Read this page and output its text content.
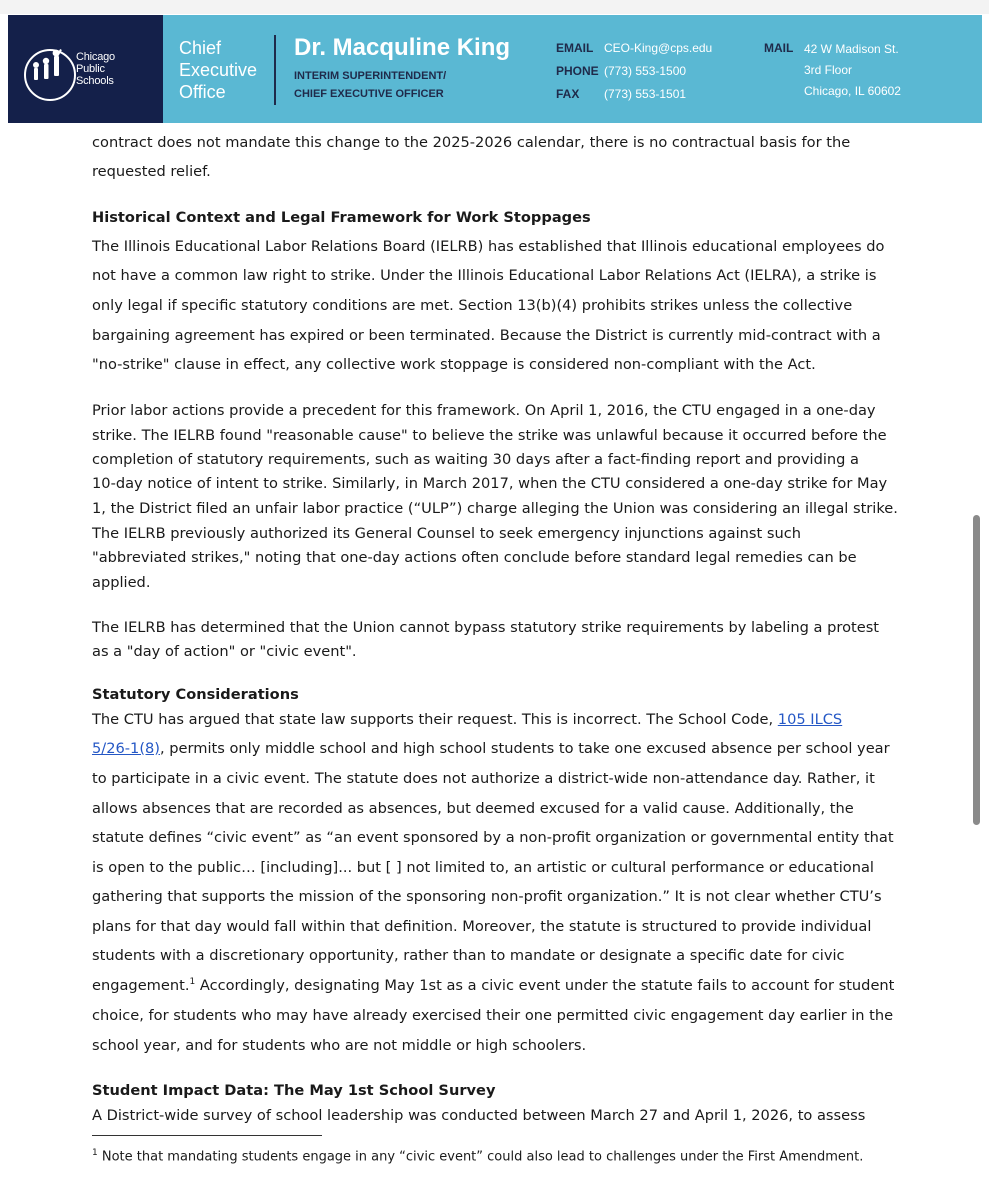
Chicago
Public
Schools
Chief
Executive
Office
Dr. Macquline King
INTERIM SUPERINTENDENT/
CHIEF EXECUTIVE OFFICER
EMAIL CEO-King@cps.edu
PHONE (773) 553-1500
FAX (773) 553-1501
MAIL 42 W Madison St.
3rd Floor
Chicago, IL 60602
contract does not mandate this change to the 2025-2026 calendar, there is no contractual basis for the
requested relief.
Historical Context and Legal Framework for Work Stoppages
The Illinois Educational Labor Relations Board (IELRB) has established that Illinois educational employees do
not have a common law right to strike. Under the Illinois Educational Labor Relations Act (IELRA), a strike is
only legal if specific statutory conditions are met. Section 13(b)(4) prohibits strikes unless the collective
bargaining agreement has expired or been terminated. Because the District is currently mid-contract with a
"no-strike" clause in effect, any collective work stoppage is considered non-compliant with the Act.
Prior labor actions provide a precedent for this framework. On April 1, 2016, the CTU engaged in a one-day
strike. The IELRB found "reasonable cause" to believe the strike was unlawful because it occurred before the
completion of statutory requirements, such as waiting 30 days after a fact-finding report and providing a
10-day notice of intent to strike. Similarly, in March 2017, when the CTU considered a one-day strike for May
1, the District filed an unfair labor practice (“ULP”) charge alleging the Union was considering an illegal strike.
The IELRB previously authorized its General Counsel to seek emergency injunctions against such
"abbreviated strikes," noting that one-day actions often conclude before standard legal remedies can be
applied.
The IELRB has determined that the Union cannot bypass statutory strike requirements by labeling a protest
as a "day of action" or "civic event".
Statutory Considerations
The CTU has argued that state law supports their request. This is incorrect. The School Code, 105 ILCS
5/26-1(8), permits only middle school and high school students to take one excused absence per school year
to participate in a civic event. The statute does not authorize a district-wide non-attendance day. Rather, it
allows absences that are recorded as absences, but deemed excused for a valid cause. Additionally, the
statute defines “civic event” as “an event sponsored by a non-profit organization or governmental entity that
is open to the public… [including]... but [ ] not limited to, an artistic or cultural performance or educational
gathering that supports the mission of the sponsoring non-profit organization.” It is not clear whether CTU’s
plans for that day would fall within that definition. Moreover, the statute is structured to provide individual
students with a discretionary opportunity, rather than to mandate or designate a specific date for civic
engagement.$^1$ Accordingly, designating May 1st as a civic event under the statute fails to account for student
choice, for students who may have already exercised their one permitted civic engagement day earlier in the
school year, and for students who are not middle or high schoolers.
Student Impact Data: The May 1st School Survey
A District-wide survey of school leadership was conducted between March 27 and April 1, 2026, to assess
$^1$ Note that mandating students engage in any “civic event” could also lead to challenges under the First Amendment.
